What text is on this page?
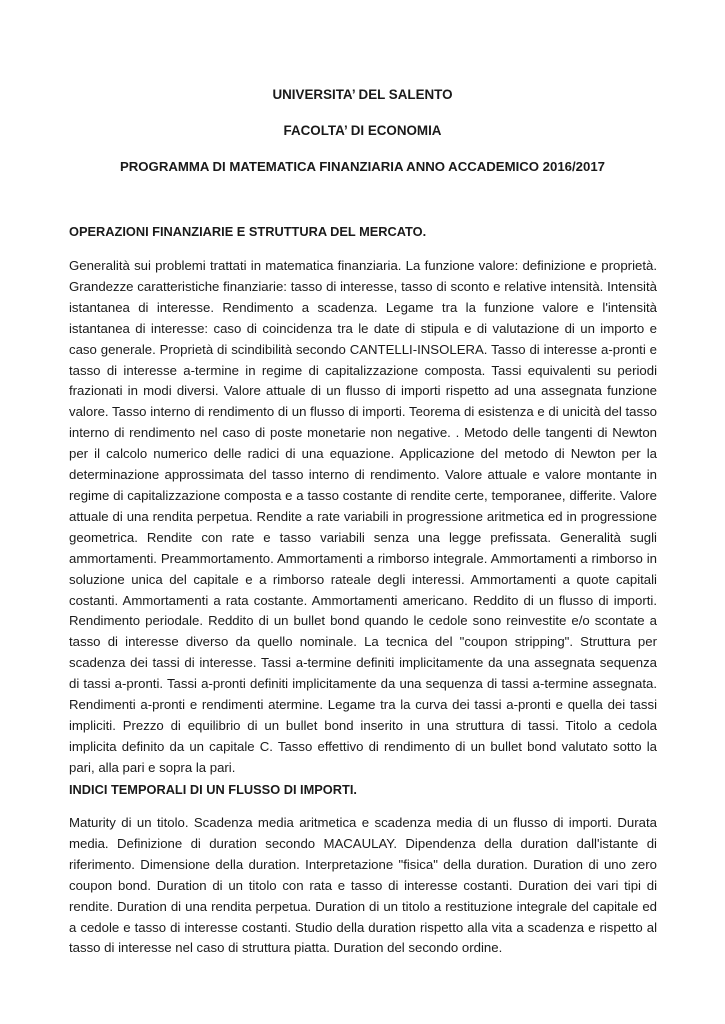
UNIVERSITA’ DEL SALENTO
FACOLTA’ DI ECONOMIA
PROGRAMMA DI MATEMATICA FINANZIARIA ANNO ACCADEMICO 2016/2017
OPERAZIONI FINANZIARIE E STRUTTURA DEL MERCATO.

Generalità sui problemi trattati in matematica finanziaria. La funzione valore: definizione e proprietà. Grandezze caratteristiche finanziarie: tasso di interesse, tasso di sconto e relative intensità. Intensità istantanea di interesse. Rendimento a scadenza. Legame tra la funzione valore e l'intensità istantanea di interesse: caso di coincidenza tra le date di stipula e di valutazione di un importo e caso generale. Proprietà di scindibilità secondo CANTELLI-INSOLERA. Tasso di interesse a-pronti e tasso di interesse a-termine in regime di capitalizzazione composta. Tassi equivalenti su periodi frazionati in modi diversi. Valore attuale di un flusso di importi rispetto ad una assegnata funzione valore. Tasso interno di rendimento di un flusso di importi. Teorema di esistenza e di unicità del tasso interno di rendimento nel caso di poste monetarie non negative. . Metodo delle tangenti di Newton per il calcolo numerico delle radici di una equazione. Applicazione del metodo di Newton per la determinazione approssimata del tasso interno di rendimento. Valore attuale e valore montante in regime di capitalizzazione composta e a tasso costante di rendite certe, temporanee, differite. Valore attuale di una rendita perpetua. Rendite a rate variabili in progressione aritmetica ed in progressione geometrica. Rendite con rate e tasso variabili senza una legge prefissata. Generalità sugli ammortamenti. Preammortamento. Ammortamenti a rimborso integrale. Ammortamenti a rimborso in soluzione unica del capitale e a rimborso rateale degli interessi. Ammortamenti a quote capitali costanti. Ammortamenti a rata costante. Ammortamenti americano. Reddito di un flusso di importi. Rendimento periodale. Reddito di un bullet bond quando le cedole sono reinvestite e/o scontate a tasso di interesse diverso da quello nominale. La tecnica del "coupon stripping". Struttura per scadenza dei tassi di interesse. Tassi a-termine definiti implicitamente da una assegnata sequenza di tassi a-pronti. Tassi a-pronti definiti implicitamente da una sequenza di tassi a-termine assegnata. Rendimenti a-pronti e rendimenti atermine. Legame tra la curva dei tassi a-pronti e quella dei tassi impliciti. Prezzo di equilibrio di un bullet bond inserito in una struttura di tassi. Titolo a cedola implicita definito da un capitale C. Tasso effettivo di rendimento di un bullet bond valutato sotto la pari, alla pari e sopra la pari.

INDICI TEMPORALI DI UN FLUSSO DI IMPORTI.

Maturity di un titolo. Scadenza media aritmetica e scadenza media di un flusso di importi. Durata media. Definizione di duration secondo MACAULAY. Dipendenza della duration dall'istante di riferimento. Dimensione della duration. Interpretazione "fisica" della duration. Duration di uno zero coupon bond. Duration di un titolo con rata e tasso di interesse costanti. Duration dei vari tipi di rendite. Duration di una rendita perpetua. Duration di un titolo a restituzione integrale del capitale ed a cedole e tasso di interesse costanti. Studio della duration rispetto alla vita a scadenza e rispetto al tasso di interesse nel caso di struttura piatta. Duration del secondo ordine.
